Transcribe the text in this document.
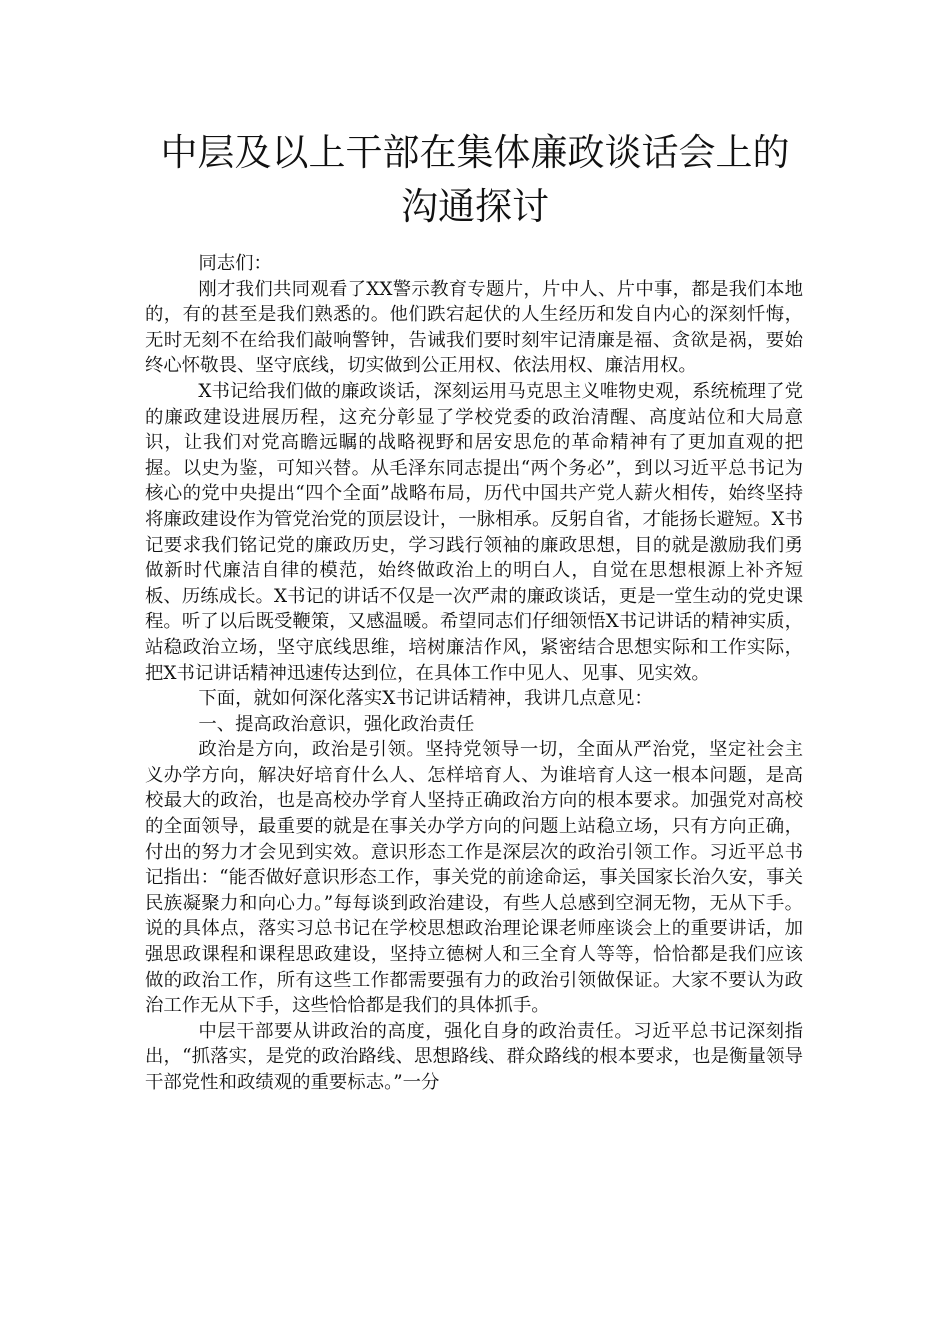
中层及以上干部在集体廉政谈话会上的沟通探讨

同志们：

刚才我们共同观看了XX警示教育专题片，片中人、片中事，都是我们本地的，有的甚至是我们熟悉的。他们跌宕起伏的人生经历和发自内心的深刻忏悔，无时无刻不在给我们敲响警钟，告诫我们要时刻牢记清廉是福、贪欲是祸，要始终心怀敬畏、坚守底线，切实做到公正用权、依法用权、廉洁用权。

X书记给我们做的廉政谈话，深刻运用马克思主义唯物史观，系统梳理了党的廉政建设进展历程，这充分彰显了学校党委的政治清醒、高度站位和大局意识，让我们对党高瞻远瞩的战略视野和居安思危的革命精神有了更加直观的把握。以史为鉴，可知兴替。从毛泽东同志提出“两个务必”，到以习近平总书记为核心的党中央提出“四个全面”战略布局，历代中国共产党人薪火相传，始终坚持将廉政建设作为管党治党的顶层设计，一脉相承。反躬自省，才能扬长避短。X书记要求我们铭记党的廉政历史，学习践行领袖的廉政思想，目的就是激励我们勇做新时代廉洁自律的模范，始终做政治上的明白人，自觉在思想根源上补齐短板、历练成长。X书记的讲话不仅是一次严肃的廉政谈话，更是一堂生动的党史课程。听了以后既受鞭策，又感温暖。希望同志们仔细领悟X书记讲话的精神实质，站稳政治立场，坚守底线思维，培树廉洁作风，紧密结合思想实际和工作实际，把X书记讲话精神迅速传达到位，在具体工作中见人、见事、见实效。

下面，就如何深化落实X书记讲话精神，我讲几点意见：

一、提高政治意识，强化政治责任

政治是方向，政治是引领。坚持党领导一切，全面从严治党，坚定社会主义办学方向，解决好培育什么人、怎样培育人、为谁培育人这一根本问题，是高校最大的政治，也是高校办学育人坚持正确政治方向的根本要求。加强党对高校的全面领导，最重要的就是在事关办学方向的问题上站稳立场，只有方向正确，付出的努力才会见到实效。意识形态工作是深层次的政治引领工作。习近平总书记指出：“能否做好意识形态工作，事关党的前途命运，事关国家长治久安，事关民族凝聚力和向心力。”每每谈到政治建设，有些人总感到空洞无物，无从下手。说的具体点，落实习总书记在学校思想政治理论课老师座谈会上的重要讲话，加强思政课程和课程思政建设，坚持立德树人和三全育人等等，恰恰都是我们应该做的政治工作，所有这些工作都需要强有力的政治引领做保证。大家不要认为政治工作无从下手，这些恰恰都是我们的具体抓手。

中层干部要从讲政治的高度，强化自身的政治责任。习近平总书记深刻指出，“抓落实，是党的政治路线、思想路线、群众路线的根本要求，也是衡量领导干部党性和政绩观的重要标志。”一分
